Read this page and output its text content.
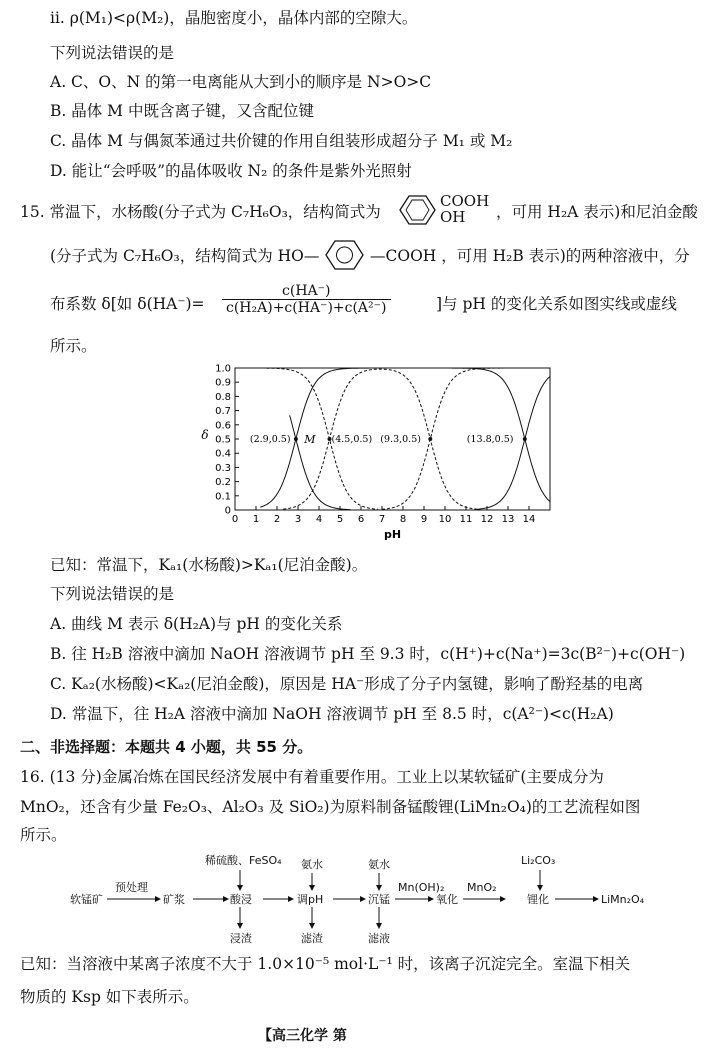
ⅱ. ρ(M₁)<ρ(M₂)，晶胞密度小，晶体内部的空隙大。
下列说法错误的是
A. C、O、N 的第一电离能从大到小的顺序是 N>O>C
B. 晶体 M 中既含离子键，又含配位键
C. 晶体 M 与偶氮苯通过共价键的作用自组装形成超分子 M₁ 或 M₂
D. 能让“会呼吸”的晶体吸收 N₂ 的条件是紫外光照射
15. 常温下，水杨酸(分子式为 C₇H₆O₃，结构简式为
COOH
OH ，可用 H₂A 表示)和尼泊金酸
(分子式为 C₇H₆O₃，结构简式为 HO—	—COOH ，可用 H₂B 表示)的两种溶液中，分
布系数 δ[如 $\delta(HA^-)= \frac{c(HA^-)}{\text{c(H₂A)+c(HA⁻)+c(A²⁻)}}$	]与 pH 的变化关系如图实线或虚线
所示。
0 1 2 3 4 5 6 7 8 9 10 11 12 13 14
0
0.1
0.2
0.3
0.4
0.5
0.6
0.7
0.8
0.9
1.0
pH
δ	(2.9,0.5)	(4.5,0.5) (9.3,0.5)	(13.8,0.5)
M
已知：常温下，Kₐ₁(水杨酸)>Kₐ₁(尼泊金酸)。
下列说法错误的是
A. 曲线 M 表示 δ(H₂A)与 pH 的变化关系
B. 往 H₂B 溶液中滴加 NaOH 溶液调节 pH 至 9.3 时，c(H⁺)+c(Na⁺)=3c(B²⁻)+c(OH⁻)
C. Kₐ₂(水杨酸)<Kₐ₂(尼泊金酸)，原因是 HA⁻形成了分子内氢键，影响了酚羟基的电离
D. 常温下，往 H₂A 溶液中滴加 NaOH 溶液调节 pH 至 8.5 时，c(A²⁻)<c(H₂A)
二、非选择题：本题共 4 小题，共 55 分。
16. (13 分)金属冶炼在国民经济发展中有着重要作用。工业上以某软锰矿(主要成分为
MnO₂，还含有少量 Fe₂O₃、Al₂O₃ 及 SiO₂)为原料制备锰酸锂(LiMn₂O₄)的工艺流程如图
所示。
软锰矿
预处理
矿浆
稀硫酸、FeSO₄
酸浸
浸渣
氨水
调pH
滤渣
氨水
沉锰
滤液
Mn(OH)₂
氧化
MnO₂
Li₂CO₃
锂化	LiMn₂O₄
已知：当溶液中某离子浓度不大于 1.0×10⁻⁵ mol·L⁻¹ 时，该离子沉淀完全。室温下相关
物质的 Ksp 如下表所示。
【高三化学 第
